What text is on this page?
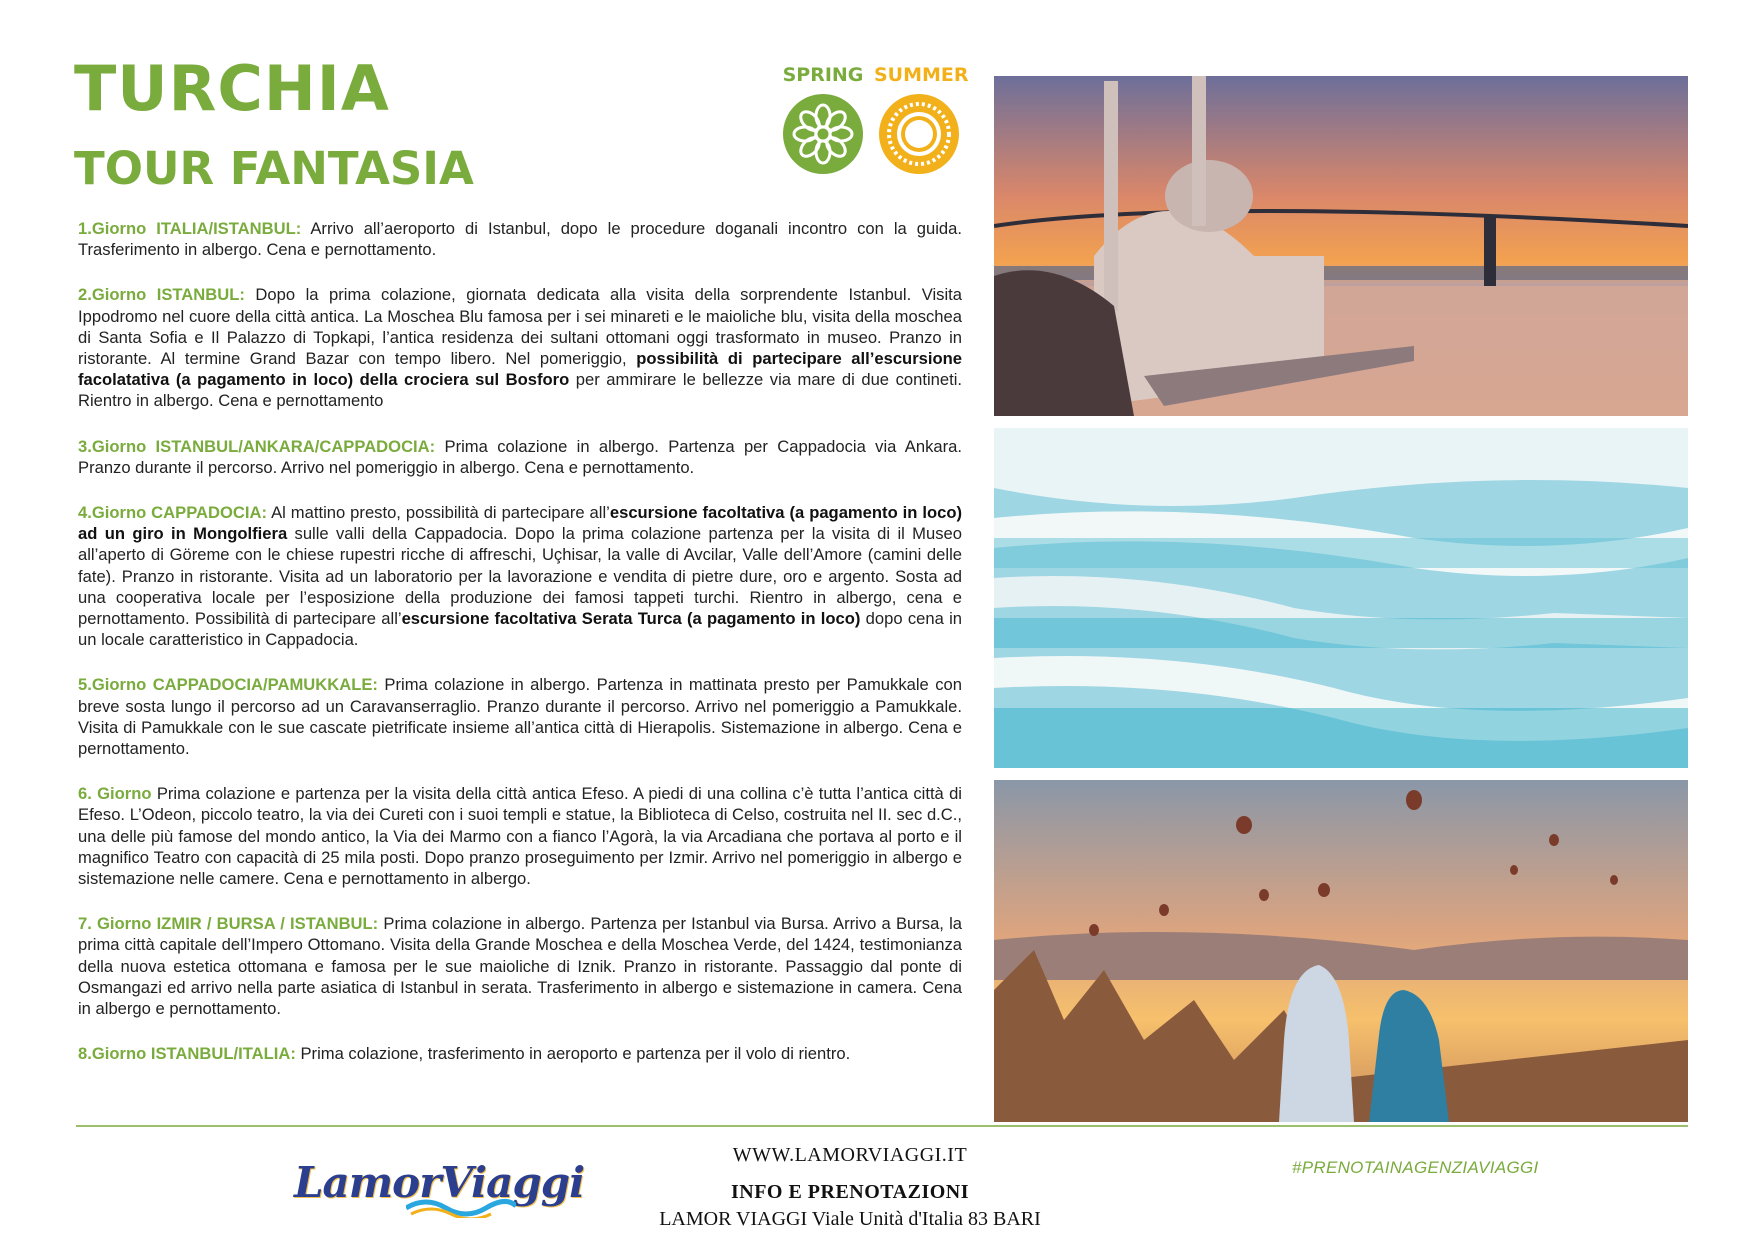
TURCHIA
TOUR FANTASIA
SPRING SUMMER

1.Giorno ITALIA/ISTANBUL: Arrivo all’aeroporto di Istanbul, dopo le procedure doganali incontro con la guida. Trasferimento in albergo. Cena e pernottamento.

2.Giorno ISTANBUL: Dopo la prima colazione, giornata dedicata alla visita della sorprendente Istanbul. Visita Ippodromo nel cuore della città antica. La Moschea Blu famosa per i sei minareti e le maioliche blu, visita della moschea di Santa Sofia e Il Palazzo di Topkapi, l’antica residenza dei sultani ottomani oggi trasformato in museo. Pranzo in ristorante. Al termine Grand Bazar con tempo libero. Nel pomeriggio, possibilità di partecipare all’escursione facolatativa (a pagamento in loco) della crociera sul Bosforo per ammirare le bellezze via mare di due contineti. Rientro in albergo. Cena e pernottamento

3.Giorno ISTANBUL/ANKARA/CAPPADOCIA: Prima colazione in albergo. Partenza per Cappadocia via Ankara. Pranzo durante il percorso. Arrivo nel pomeriggio in albergo. Cena e pernottamento.

4.Giorno CAPPADOCIA: Al mattino presto, possibilità di partecipare all’escursione facoltativa (a pagamento in loco) ad un giro in Mongolfiera sulle valli della Cappadocia. Dopo la prima colazione partenza per la visita di il Museo all’aperto di Göreme con le chiese rupestri ricche di affreschi, Uçhisar, la valle di Avcilar, Valle dell’Amore (camini delle fate). Pranzo in ristorante. Visita ad un laboratorio per la lavorazione e vendita di pietre dure, oro e argento. Sosta ad una cooperativa locale per l’esposizione della produzione dei famosi tappeti turchi. Rientro in albergo, cena e pernottamento. Possibilità di partecipare all’escursione facoltativa Serata Turca (a pagamento in loco) dopo cena in un locale caratteristico in Cappadocia.

5.Giorno CAPPADOCIA/PAMUKKALE: Prima colazione in albergo. Partenza in mattinata presto per Pamukkale con breve sosta lungo il percorso ad un Caravanserraglio. Pranzo durante il percorso. Arrivo nel pomeriggio a Pamukkale. Visita di Pamukkale con le sue cascate pietrificate insieme all’antica città di Hierapolis. Sistemazione in albergo. Cena e pernottamento.

6. Giorno Prima colazione e partenza per la visita della città antica Efeso. A piedi di una collina c’è tutta l’antica città di Efeso. L’Odeon, piccolo teatro, la via dei Cureti con i suoi templi e statue, la Biblioteca di Celso, costruita nel II. sec d.C., una delle più famose del mondo antico, la Via dei Marmo con a fianco l’Agorà, la via Arcadiana che portava al porto e il magnifico Teatro con capacità di 25 mila posti. Dopo pranzo proseguimento per Izmir. Arrivo nel pomeriggio in albergo e sistemazione nelle camere. Cena e pernottamento in albergo.

7. Giorno IZMIR / BURSA / ISTANBUL: Prima colazione in albergo. Partenza per Istanbul via Bursa. Arrivo a Bursa, la prima città capitale dell’Impero Ottomano. Visita della Grande Moschea e della Moschea Verde, del 1424, testimonianza della nuova estetica ottomana e famosa per le sue maioliche di Iznik. Pranzo in ristorante. Passaggio dal ponte di Osmangazi ed arrivo nella parte asiatica di Istanbul in serata. Trasferimento in albergo e sistemazione in camera. Cena in albergo e pernottamento.

8.Giorno ISTANBUL/ITALIA: Prima colazione, trasferimento in aeroporto e partenza per il volo di rientro.

LamorViaggi
WWW.LAMORVIAGGI.IT
INFO E PRENOTAZIONI
LAMOR VIAGGI Viale Unità d'Italia 83 BARI
#PRENOTAINAGENZIAVIAGGI
